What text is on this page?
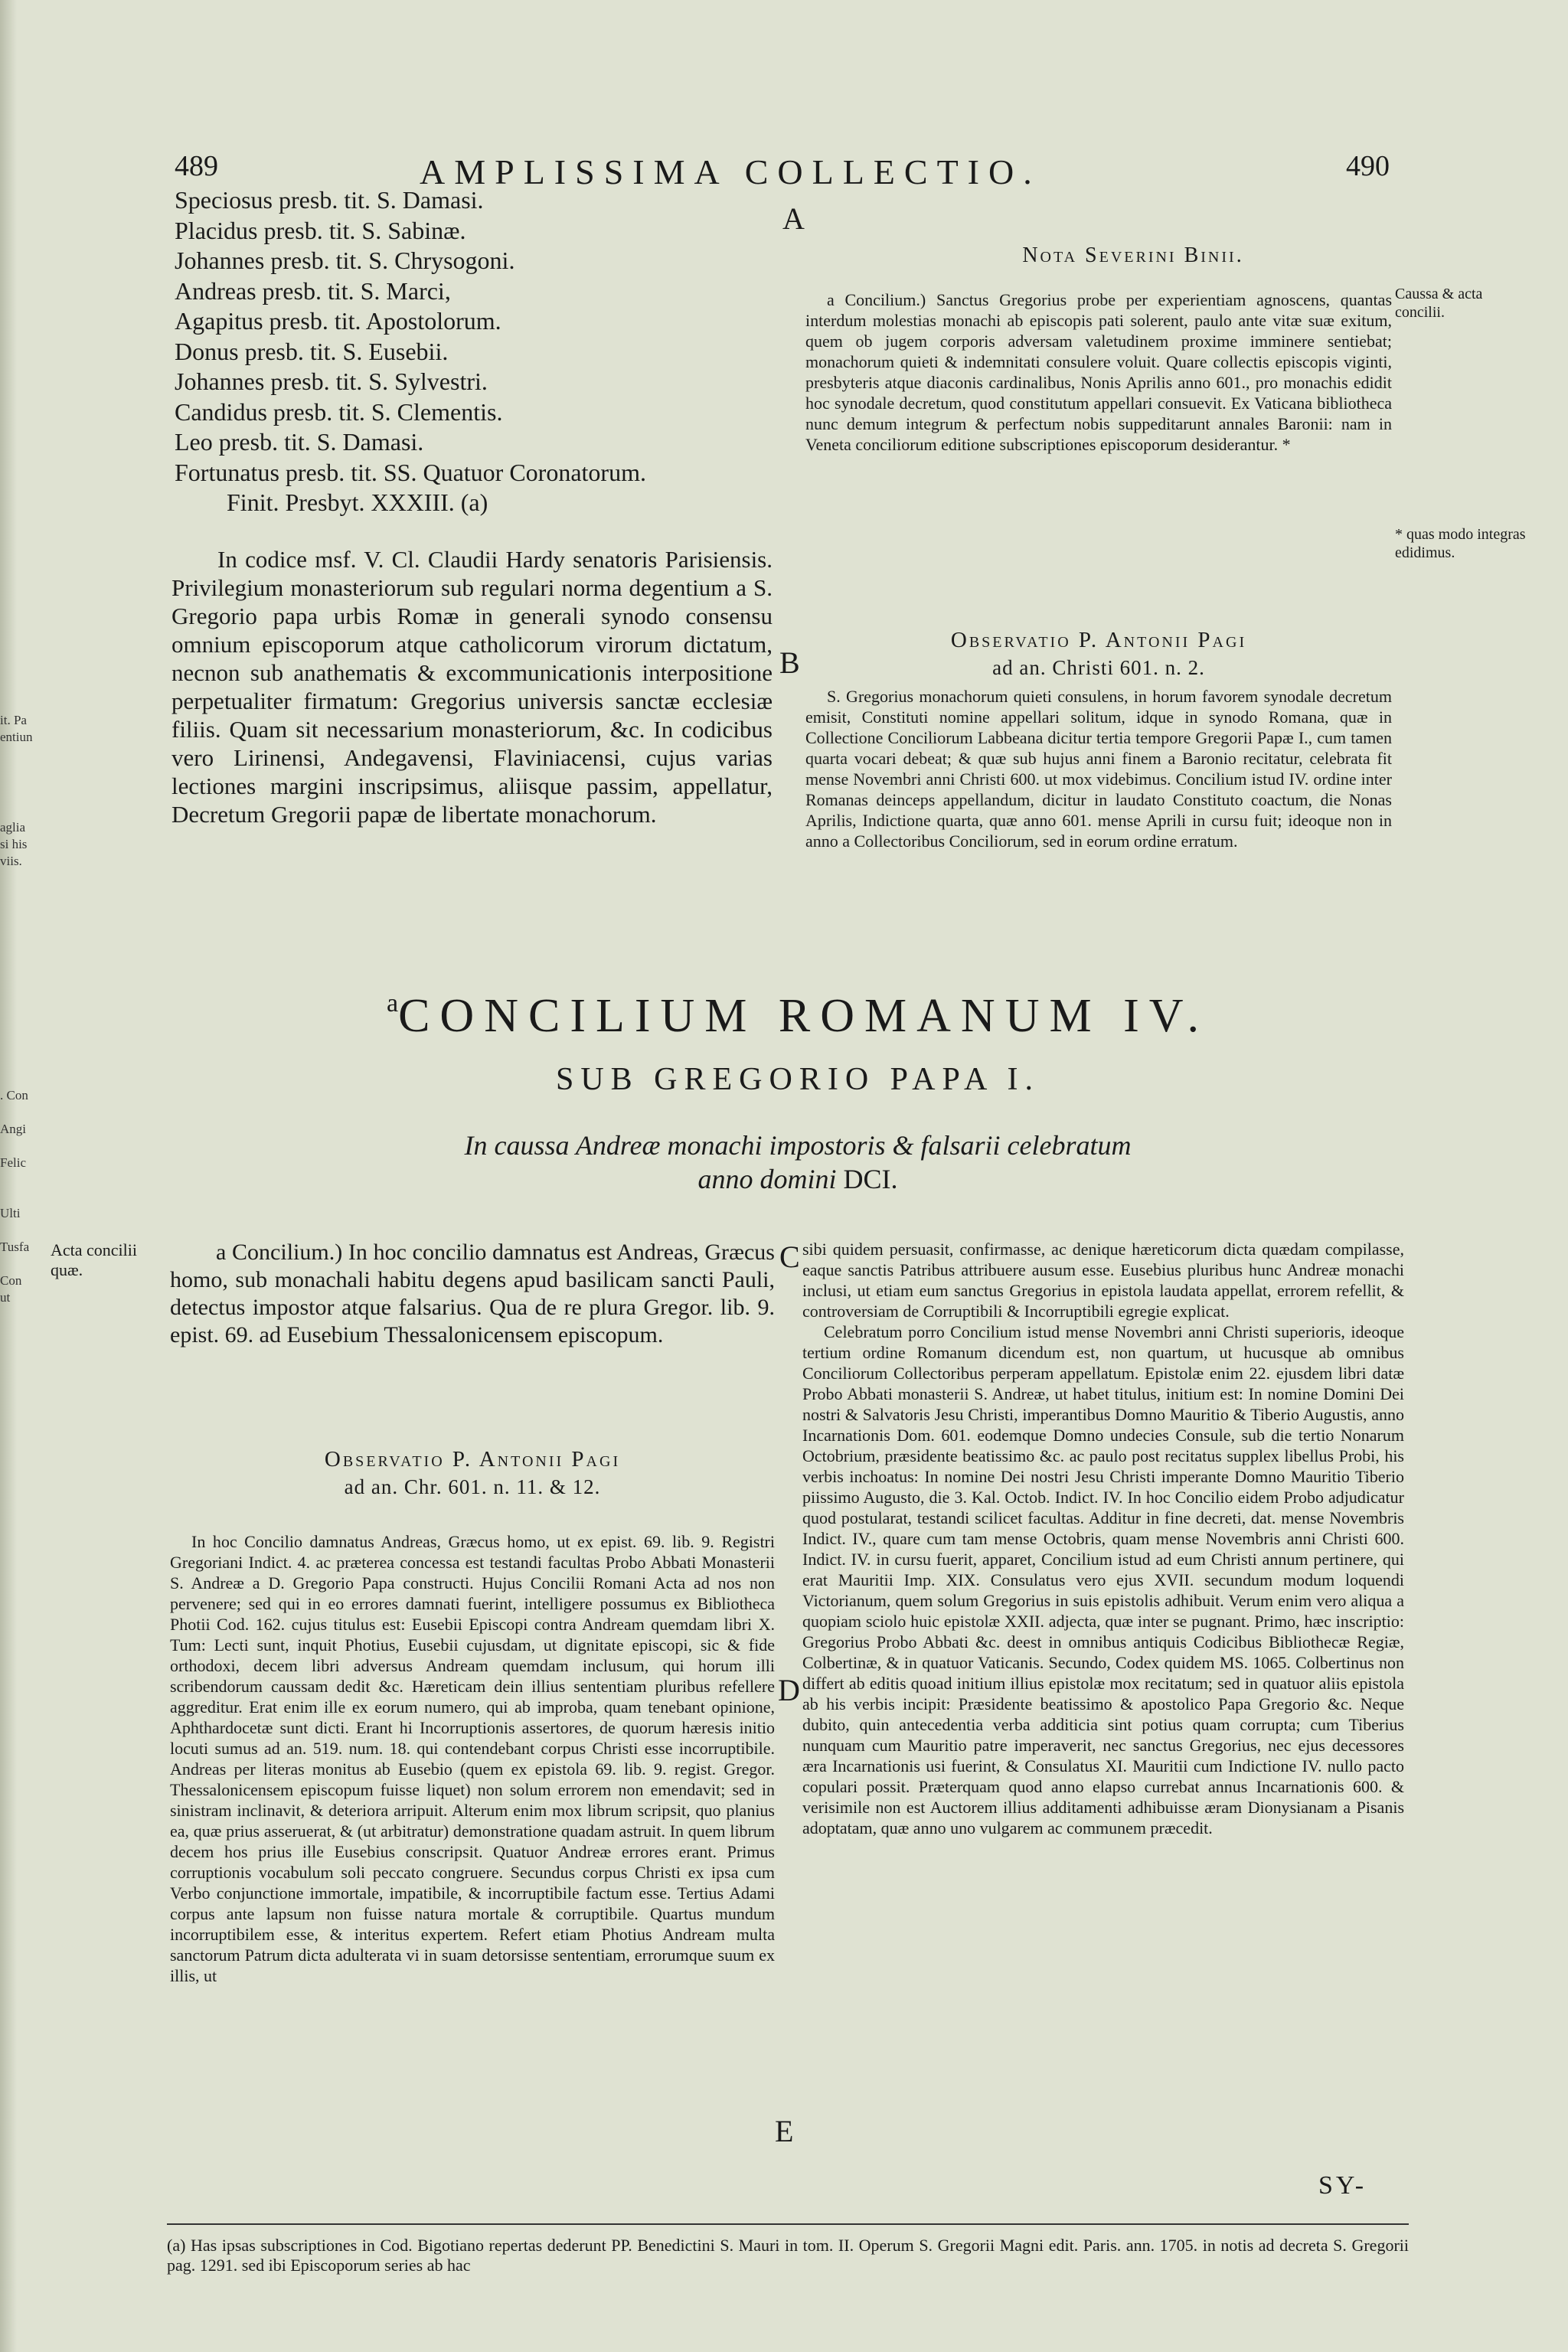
489	AMPLISSIMA COLLECTIO.	490
A
B
C
D
E
it. Pa
entiun
aglia
si his
viis.
. Con

Angi

Felic

Ulti

Tusfa

Con
ut
Speciosus presb. tit. S. Damasi.
Placidus presb. tit. S. Sabinæ.
Johannes presb. tit. S. Chrysogoni.
Andreas presb. tit. S. Marci,
Agapitus presb. tit. Apostolorum.
Donus presb. tit. S. Eusebii.
Johannes presb. tit. S. Sylvestri.
Candidus presb. tit. S. Clementis.
Leo presb. tit. S. Damasi.
Fortunatus presb. tit. SS. Quatuor Coronatorum.
Finit. Presbyt. XXXIII. (a)

In codice msf. V. Cl. Claudii Hardy senatoris Parisiensis. Privilegium monasteriorum sub regulari norma degentium a S. Gregorio papa urbis Romæ in generali synodo consensu omnium episcoporum atque catholicorum virorum dictatum, necnon sub anathematis & excommunicationis interpositione perpetualiter firmatum: Gregorius universis sanctæ ecclesiæ filiis. Quam sit necessarium monasteriorum, &c. In codicibus vero Lirinensi, Andegavensi, Flaviniacensi, cujus varias lectiones margini inscripsimus, aliisque passim, appellatur, Decretum Gregorii papæ de libertate monachorum.

Nota Severini Binii.

a Concilium.) Sanctus Gregorius probe per experientiam agnoscens, quantas interdum molestias monachi ab episcopis pati solerent, paulo ante vitæ suæ exitum, quem ob jugem corporis adversam valetudinem proxime imminere sentiebat; monachorum quieti & indemnitati consulere voluit. Quare collectis episcopis viginti, presbyteris atque diaconis cardinalibus, Nonis Aprilis anno 601., pro monachis edidit hoc synodale decretum, quod constitutum appellari consuevit. Ex Vaticana bibliotheca nunc demum integrum & perfectum nobis suppeditarunt annales Baronii: nam in Veneta conciliorum editione subscriptiones episcoporum desiderantur. *

Observatio P. Antonii Pagi
ad an. Christi 601. n. 2.

S. Gregorius monachorum quieti consulens, in horum favorem synodale decretum emisit, Constituti nomine appellari solitum, idque in synodo Romana, quæ in Collectione Conciliorum Labbeana dicitur tertia tempore Gregorii Papæ I., cum tamen quarta vocari debeat; & quæ sub hujus anni finem a Baronio recitatur, celebrata fit mense Novembri anni Christi 600. ut mox videbimus. Concilium istud IV. ordine inter Romanas deinceps appellandum, dicitur in laudato Constituto coactum, die Nonas Aprilis, Indictione quarta, quæ anno 601. mense Aprili in cursu fuit; ideoque non in anno a Collectoribus Conciliorum, sed in eorum ordine erratum.

Caussa & acta concilii.
* quas modo integras edidimus.
$^a$CONCILIUM ROMANUM IV.
SUB GREGORIO PAPA I.
In caussa Andreæ monachi impostoris & falsarii celebratum
anno domini DCI.
Acta concilii quæ.

a Concilium.) In hoc concilio damnatus est Andreas, Græcus homo, sub monachali habitu degens apud basilicam sancti Pauli, detectus impostor atque falsarius. Qua de re plura Gregor. lib. 9. epist. 69. ad Eusebium Thessalonicensem episcopum.

Observatio P. Antonii Pagi
ad an. Chr. 601. n. 11. & 12.

In hoc Concilio damnatus Andreas, Græcus homo, ut ex epist. 69. lib. 9. Registri Gregoriani Indict. 4. ac præterea concessa est testandi facultas Probo Abbati Monasterii S. Andreæ a D. Gregorio Papa constructi. Hujus Concilii Romani Acta ad nos non pervenere; sed qui in eo errores damnati fuerint, intelligere possumus ex Bibliotheca Photii Cod. 162. cujus titulus est: Eusebii Episcopi contra Andream quemdam libri X. Tum: Lecti sunt, inquit Photius, Eusebii cujusdam, ut dignitate episcopi, sic & fide orthodoxi, decem libri adversus Andream quemdam inclusum, qui horum illi scribendorum caussam dedit &c. Hæreticam dein illius sententiam pluribus refellere aggreditur. Erat enim ille ex eorum numero, qui ab improba, quam tenebant opinione, Aphthardocetæ sunt dicti. Erant hi Incorruptionis assertores, de quorum hæresis initio locuti sumus ad an. 519. num. 18. qui contendebant corpus Christi esse incorruptibile. Andreas per literas monitus ab Eusebio (quem ex epistola 69. lib. 9. regist. Gregor. Thessalonicensem episcopum fuisse liquet) non solum errorem non emendavit; sed in sinistram inclinavit, & deteriora arripuit. Alterum enim mox librum scripsit, quo planius ea, quæ prius asseruerat, & (ut arbitratur) demonstratione quadam astruit. In quem librum decem hos prius ille Eusebius conscripsit. Quatuor Andreæ errores erant. Primus corruptionis vocabulum soli peccato congruere. Secundus corpus Christi ex ipsa cum Verbo conjunctione immortale, impatibile, & incorruptibile factum esse. Tertius Adami corpus ante lapsum non fuisse natura mortale & corruptibile. Quartus mundum incorruptibilem esse, & interitus expertem. Refert etiam Photius Andream multa sanctorum Patrum dicta adulterata vi in suam detorsisse sententiam, errorumque suum ex illis, ut

sibi quidem persuasit, confirmasse, ac denique hæreticorum dicta quædam compilasse, eaque sanctis Patribus attribuere ausum esse. Eusebius pluribus hunc Andreæ monachi inclusi, ut etiam eum sanctus Gregorius in epistola laudata appellat, errorem refellit, & controversiam de Corruptibili & Incorruptibili egregie explicat.

Celebratum porro Concilium istud mense Novembri anni Christi superioris, ideoque tertium ordine Romanum dicendum est, non quartum, ut hucusque ab omnibus Conciliorum Collectoribus perperam appellatum. Epistolæ enim 22. ejusdem libri datæ Probo Abbati monasterii S. Andreæ, ut habet titulus, initium est: In nomine Domini Dei nostri & Salvatoris Jesu Christi, imperantibus Domno Mauritio & Tiberio Augustis, anno Incarnationis Dom. 601. eodemque Domno undecies Consule, sub die tertio Nonarum Octobrium, præsidente beatissimo &c. ac paulo post recitatus supplex libellus Probi, his verbis inchoatus: In nomine Dei nostri Jesu Christi imperante Domno Mauritio Tiberio piissimo Augusto, die 3. Kal. Octob. Indict. IV. In hoc Concilio eidem Probo adjudicatur quod postularat, testandi scilicet facultas. Additur in fine decreti, dat. mense Novembris Indict. IV., quare cum tam mense Octobris, quam mense Novembris anni Christi 600. Indict. IV. in cursu fuerit, apparet, Concilium istud ad eum Christi annum pertinere, qui erat Mauritii Imp. XIX. Consulatus vero ejus XVII. secundum modum loquendi Victorianum, quem solum Gregorius in suis epistolis adhibuit. Verum enim vero aliqua a quopiam sciolo huic epistolæ XXII. adjecta, quæ inter se pugnant. Primo, hæc inscriptio: Gregorius Probo Abbati &c. deest in omnibus antiquis Codicibus Bibliothecæ Regiæ, Colbertinæ, & in quatuor Vaticanis. Secundo, Codex quidem MS. 1065. Colbertinus non differt ab editis quoad initium illius epistolæ mox recitatum; sed in quatuor aliis epistola ab his verbis incipit: Præsidente beatissimo & apostolico Papa Gregorio &c. Neque dubito, quin antecedentia verba additicia sint potius quam corrupta; cum Tiberius nunquam cum Mauritio patre imperaverit, nec sanctus Gregorius, nec ejus decessores æra Incarnationis usi fuerint, & Consulatus XI. Mauritii cum Indictione IV. nullo pacto copulari possit. Præterquam quod anno elapso currebat annus Incarnationis 600. & verisimile non est Auctorem illius additamenti adhibuisse æram Dionysianam a Pisanis adoptatam, quæ anno uno vulgarem ac communem præcedit.

SY-
(a) Has ipsas subscriptiones in Cod. Bigotiano repertas dederunt PP. Benedictini S. Mauri in tom. II. Operum S. Gregorii Magni edit. Paris. ann. 1705. in notis ad decreta S. Gregorii pag. 1291. sed ibi Episcoporum series ab hac
